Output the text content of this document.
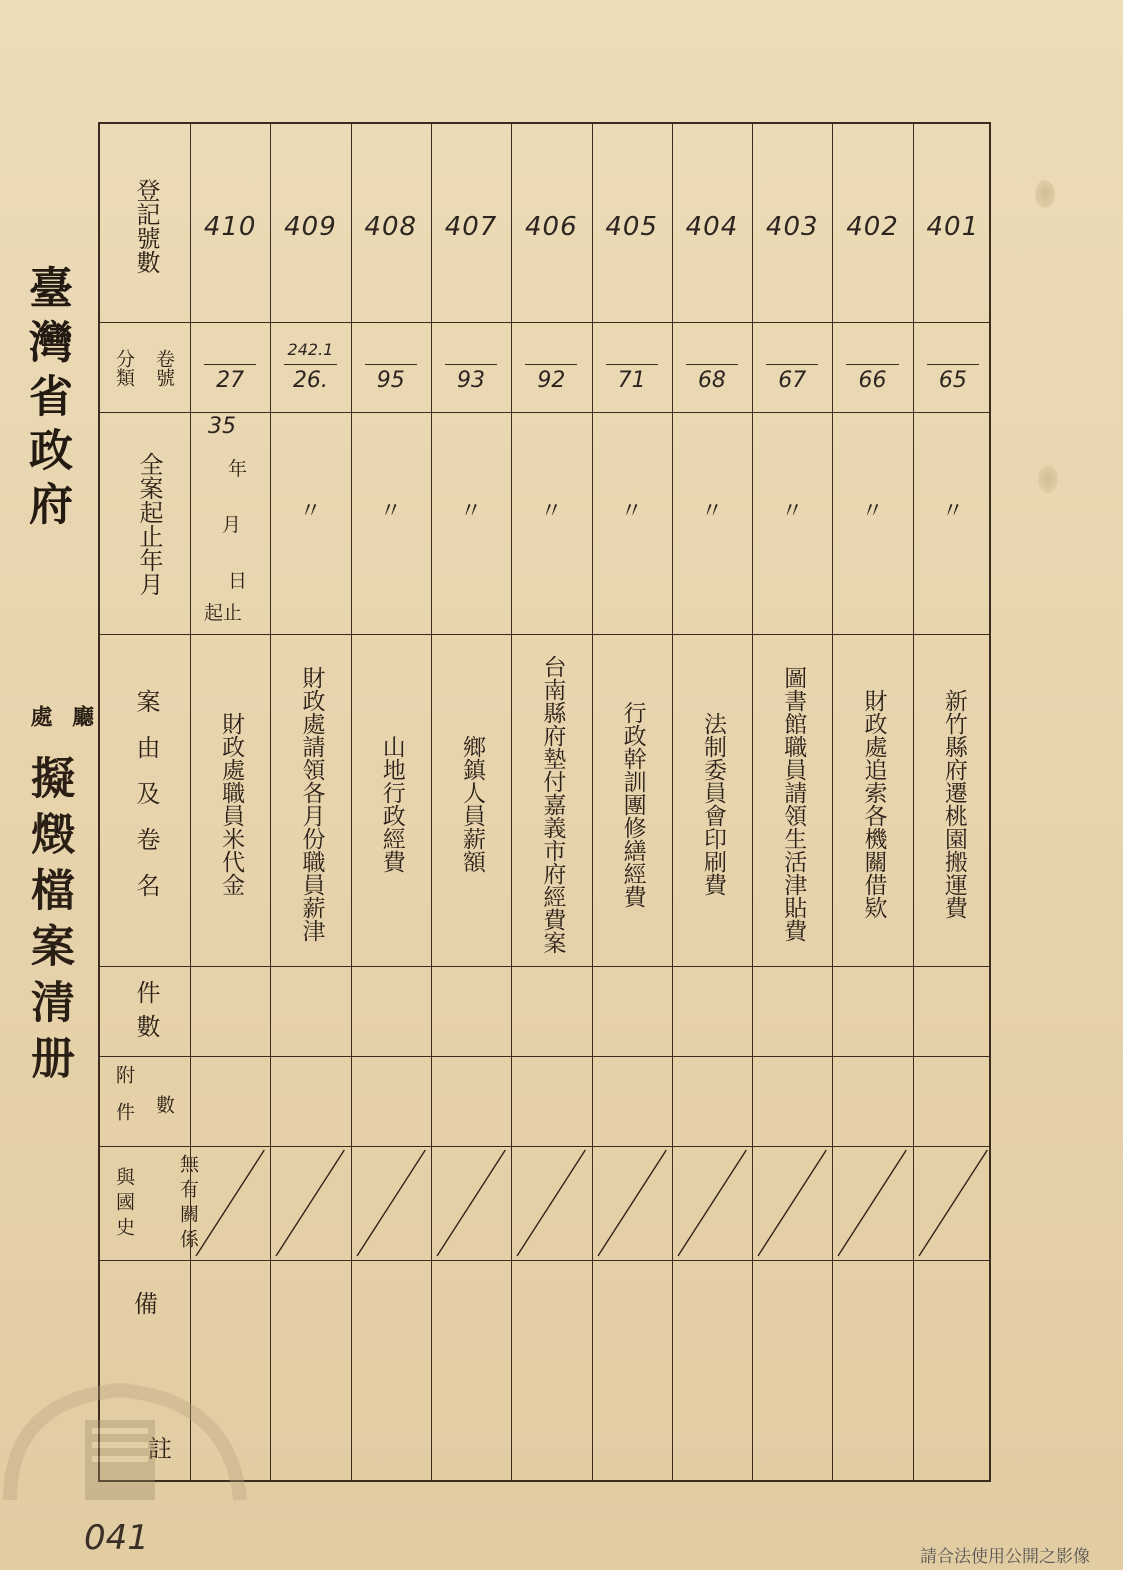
臺灣省政府
處 廳
擬燬檔案清册
登記號數
卷號
分類
全案起止年月
案由及卷名
件數
附件 數
與國史	無有關係
備
註
410
27
35
年
月
日
起止
財政處職員米代金
409
242.1
26.
〃
財政處請領各月份職員薪津
408
95
〃
山地行政經費
407
93
〃
鄉鎮人員薪額
406
92
〃
台南縣府墊付嘉義市府經費案
405
71
〃
行政幹訓團修繕經費
404
68
〃
法制委員會印刷費
403
67
〃
圖書館職員請領生活津貼費
402
66
〃
財政處追索各機關借欵
401
65
〃
新竹縣府遷桃園搬運費
041	請合法使用公開之影像
